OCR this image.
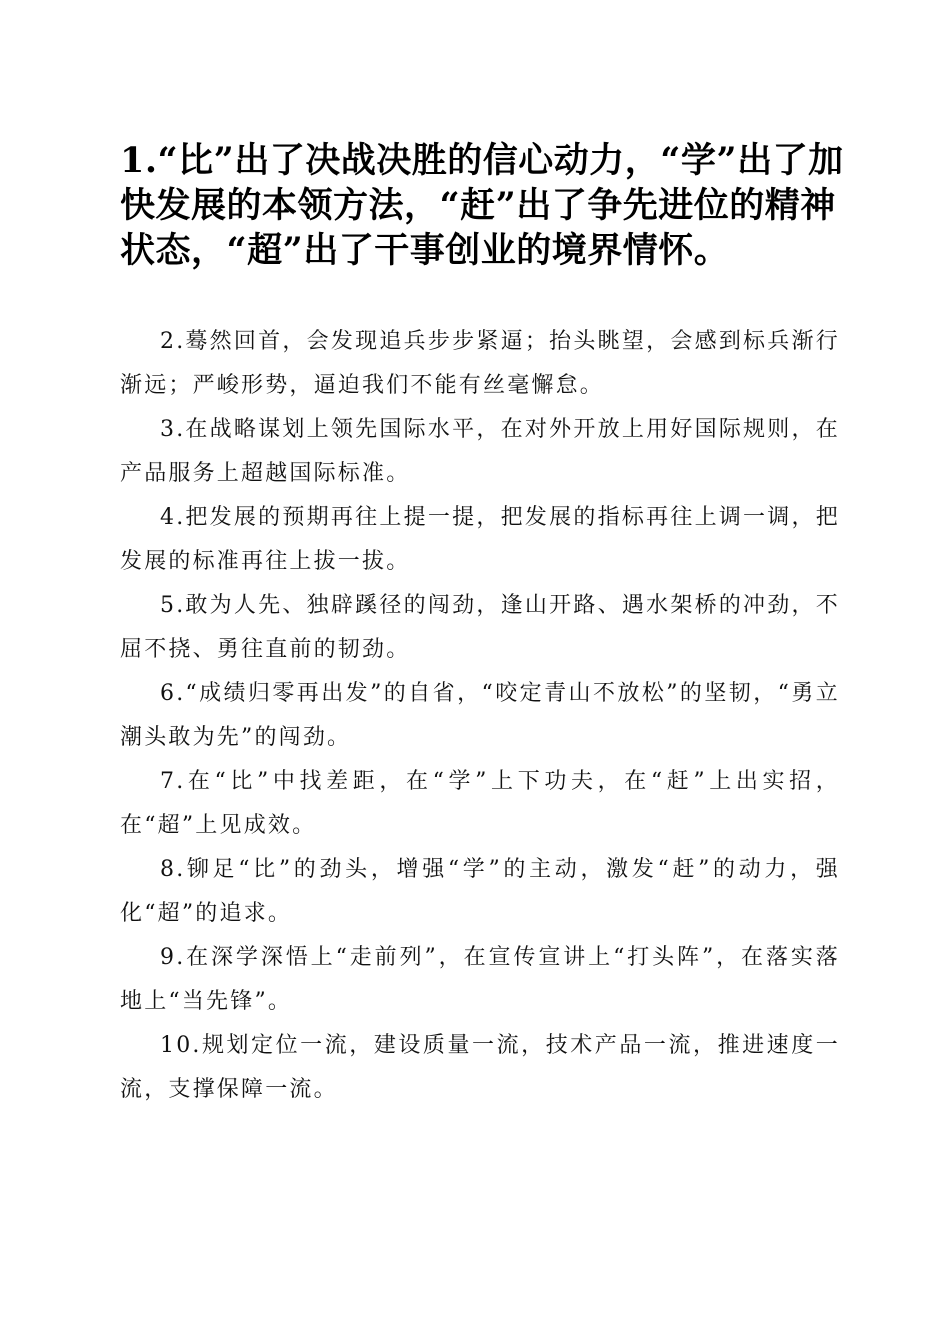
1.“比”出了决战决胜的信心动力，“学”出了加快发展的本领方法，“赶”出了争先进位的精神状态，“超”出了干事创业的境界情怀。

2.蓦然回首，会发现追兵步步紧逼；抬头眺望，会感到标兵渐行渐远；严峻形势，逼迫我们不能有丝毫懈怠。

3.在战略谋划上领先国际水平，在对外开放上用好国际规则，在产品服务上超越国际标准。

4.把发展的预期再往上提一提，把发展的指标再往上调一调，把发展的标准再往上拔一拔。

5.敢为人先、独辟蹊径的闯劲，逢山开路、遇水架桥的冲劲，不屈不挠、勇往直前的韧劲。

6.“成绩归零再出发”的自省，“咬定青山不放松”的坚韧，“勇立潮头敢为先”的闯劲。

7.在“比”中找差距，在“学”上下功夫，在“赶”上出实招，在“超”上见成效。

8.铆足“比”的劲头，增强“学”的主动，激发“赶”的动力，强化“超”的追求。

9.在深学深悟上“走前列”，在宣传宣讲上“打头阵”，在落实落地上“当先锋”。

10.规划定位一流，建设质量一流，技术产品一流，推进速度一流，支撑保障一流。
